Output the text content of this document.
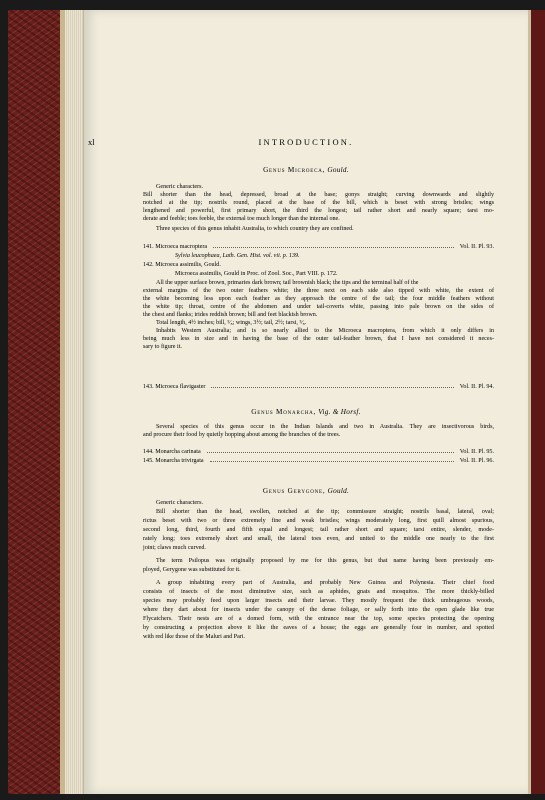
xl	INTRODUCTION.
Genus Microeca, Gould.
Generic characters.
Bill shorter than the head, depressed, broad at the base; gonys straight; curving downwards and slightly
notched at the tip; nostrils round, placed at the base of the bill, which is beset with strong bristles; wings
lengthened and powerful, first primary short, the third the longest; tail rather short and nearly square; tarsi mo-
derate and feeble; toes feeble, the external toe much longer than the internal one.
Three species of this genus inhabit Australia, to which country they are confined.
141. Microeca macroptera	Vol. II. Pl. 93.
Sylvia leucophaea, Lath. Gen. Hist. vol. vii. p. 139.
142. Microeca assimilis, Gould.
Microeca assimilis, Gould in Proc. of Zool. Soc., Part VIII. p. 172.
All the upper surface brown, primaries dark brown; tail brownish black; the tips and the terminal half of the
external margins of the two outer feathers white; the three next on each side also tipped with white, the extent of
the white becoming less upon each feather as they approach the centre of the tail; the four middle feathers without
the white tip; throat, centre of the abdomen and under tail-coverts white, passing into pale brown on the sides of
the chest and flanks; irides reddish brown; bill and feet blackish brown.
Total length, 4½ inches; bill, ⁵⁄₈; wings, 3½; tail, 2½; tarsi, ⁵⁄₈.
Inhabits Western Australia; and is so nearly allied to the Microeca macroptera, from which it only differs in
being much less in size and in having the base of the outer tail-feather brown, that I have not considered it neces-
sary to figure it.
143. Microeca flavigaster	Vol. II. Pl. 94.
Genus Monarcha, Vig. & Horsf.
Several species of this genus occur in the Indian Islands and two in Australia. They are insectivorous birds,
and procure their food by quietly hopping about among the branches of the trees.
144. Monarcha carinata	Vol. II. Pl. 95.
145. Monarcha trivirgata	Vol. II. Pl. 96.
Genus Gerygone, Gould.
Generic characters.
Bill shorter than the head, swollen, notched at the tip; commissure straight; nostrils basal, lateral, oval;
rictus beset with two or three extremely fine and weak bristles; wings moderately long, first quill almost spurious,
second long, third, fourth and fifth equal and longest; tail rather short and square; tarsi entire, slender, mode-
rately long; toes extremely short and small, the lateral toes even, and united to the middle one nearly to the first
joint; claws much curved.
The term Psilopus was originally proposed by me for this genus, but that name having been previously em-
ployed, Gerygone was substituted for it.
A group inhabiting every part of Australia, and probably New Guinea and Polynesia. Their chief food
consists of insects of the most diminutive size, such as aphides, gnats and mosquitos. The more thickly-billed
species may probably feed upon larger insects and their larvae. They mostly frequent the thick umbrageous woods,
where they dart about for insects under the canopy of the dense foliage, or sally forth into the open glade like true
Flycatchers. Their nests are of a domed form, with the entrance near the top, some species protecting the opening
by constructing a projection above it like the eaves of a house; the eggs are generally four in number, and spotted
with red like those of the Maluri and Pari.
